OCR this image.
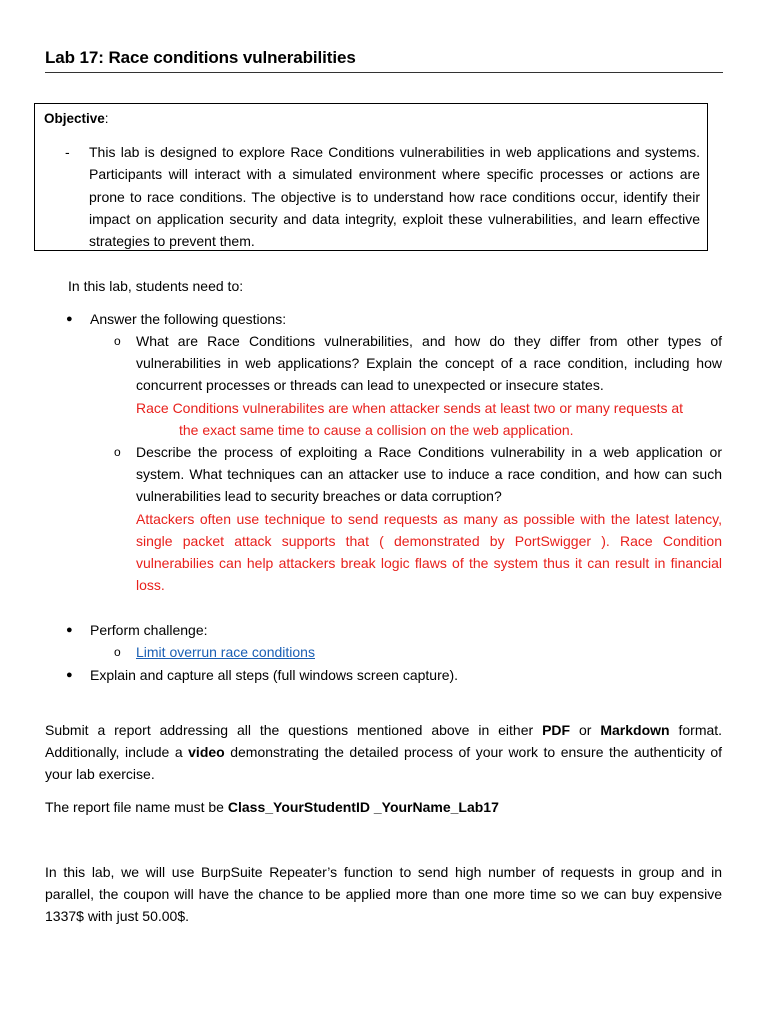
Lab 17: Race conditions vulnerabilities
Objective:
- This lab is designed to explore Race Conditions vulnerabilities in web applications and systems. Participants will interact with a simulated environment where specific processes or actions are prone to race conditions. The objective is to understand how race conditions occur, identify their impact on application security and data integrity, exploit these vulnerabilities, and learn effective strategies to prevent them.
In this lab, students need to:
● Answer the following questions:
o What are Race Conditions vulnerabilities, and how do they differ from other types of vulnerabilities in web applications? Explain the concept of a race condition, including how concurrent processes or threads can lead to unexpected or insecure states.
Race Conditions vulnerabilites are when attacker sends at least two or many requests at
the exact same time to cause a collision on the web application.
o Describe the process of exploiting a Race Conditions vulnerability in a web application or system. What techniques can an attacker use to induce a race condition, and how can such vulnerabilities lead to security breaches or data corruption?
Attackers often use technique to send requests as many as possible with the latest latency, single packet attack supports that ( demonstrated by PortSwigger ). Race Condition vulnerabilies can help attackers break logic flaws of the system thus it can result in financial loss.
● Perform challenge:
o Limit overrun race conditions
● Explain and capture all steps (full windows screen capture).
Submit a report addressing all the questions mentioned above in either PDF or Markdown format. Additionally, include a video demonstrating the detailed process of your work to ensure the authenticity of your lab exercise.
The report file name must be Class_YourStudentID _YourName_Lab17
In this lab, we will use BurpSuite Repeater’s function to send high number of requests in group and in parallel, the coupon will have the chance to be applied more than one more time so we can buy expensive 1337$ with just 50.00$.
